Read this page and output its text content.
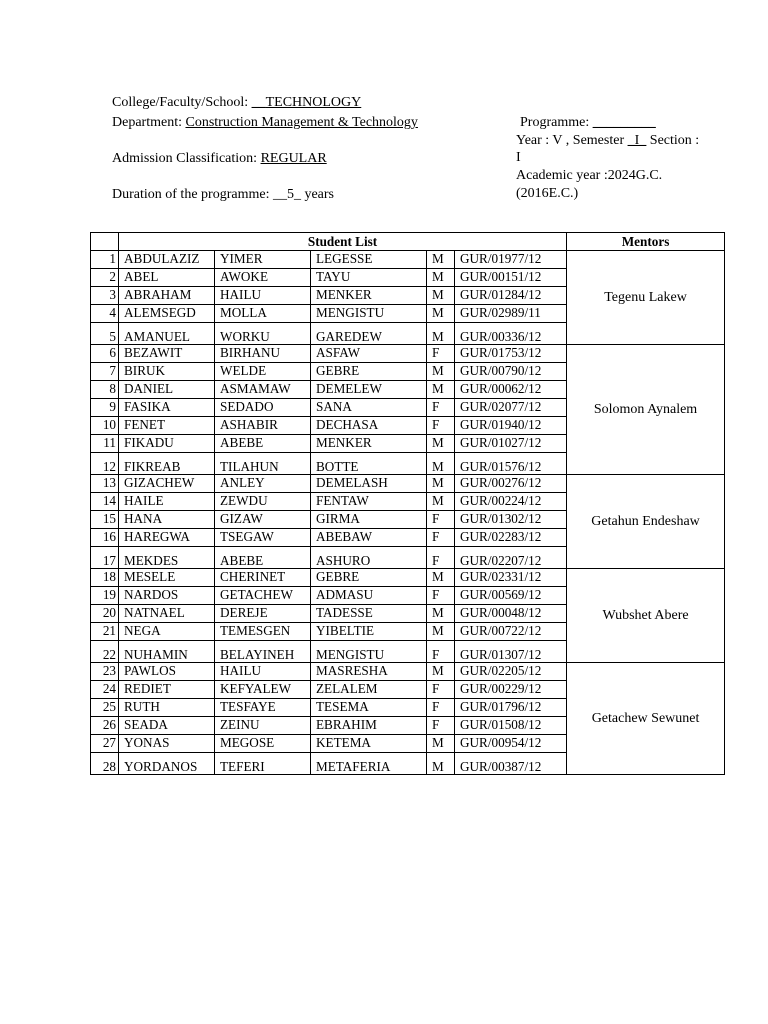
College/Faculty/School: __TECHNOLOGY
Department: Construction Management & Technology
Admission Classification: REGULAR
Duration of the programme: __5_ years
Programme: _________
Year : V , Semester _I_ Section :
I
Academic year :2024G.C.
(2016E.C.)
	Student List					Mentors
1	ABDULAZIZ	YIMER	LEGESSE	M	GUR/01977/12	Tegenu Lakew
2	ABEL	AWOKE	TAYU	M	GUR/00151/12	
3	ABRAHAM	HAILU	MENKER	M	GUR/01284/12	
4	ALEMSEGD	MOLLA	MENGISTU	M	GUR/02989/11	
5	AMANUEL	WORKU	GAREDEW	M	GUR/00336/12	
6	BEZAWIT	BIRHANU	ASFAW	F	GUR/01753/12	Solomon Aynalem
7	BIRUK	WELDE	GEBRE	M	GUR/00790/12	
8	DANIEL	ASMAMAW	DEMELEW	M	GUR/00062/12	
9	FASIKA	SEDADO	SANA	F	GUR/02077/12	
10	FENET	ASHABIR	DECHASA	F	GUR/01940/12	
11	FIKADU	ABEBE	MENKER	M	GUR/01027/12	
12	FIKREAB	TILAHUN	BOTTE	M	GUR/01576/12	
13	GIZACHEW	ANLEY	DEMELASH	M	GUR/00276/12	Getahun Endeshaw
14	HAILE	ZEWDU	FENTAW	M	GUR/00224/12	
15	HANA	GIZAW	GIRMA	F	GUR/01302/12	
16	HAREGWA	TSEGAW	ABEBAW	F	GUR/02283/12	
17	MEKDES	ABEBE	ASHURO	F	GUR/02207/12	
18	MESELE	CHERINET	GEBRE	M	GUR/02331/12	Wubshet Abere
19	NARDOS	GETACHEW	ADMASU	F	GUR/00569/12	
20	NATNAEL	DEREJE	TADESSE	M	GUR/00048/12	
21	NEGA	TEMESGEN	YIBELTIE	M	GUR/00722/12	
22	NUHAMIN	BELAYINEH	MENGISTU	F	GUR/01307/12	
23	PAWLOS	HAILU	MASRESHA	M	GUR/02205/12	Getachew Sewunet
24	REDIET	KEFYALEW	ZELALEM	F	GUR/00229/12	
25	RUTH	TESFAYE	TESEMA	F	GUR/01796/12	
26	SEADA	ZEINU	EBRAHIM	F	GUR/01508/12	
27	YONAS	MEGOSE	KETEMA	M	GUR/00954/12	
28	YORDANOS	TEFERI	METAFERIA	M	GUR/00387/12	
